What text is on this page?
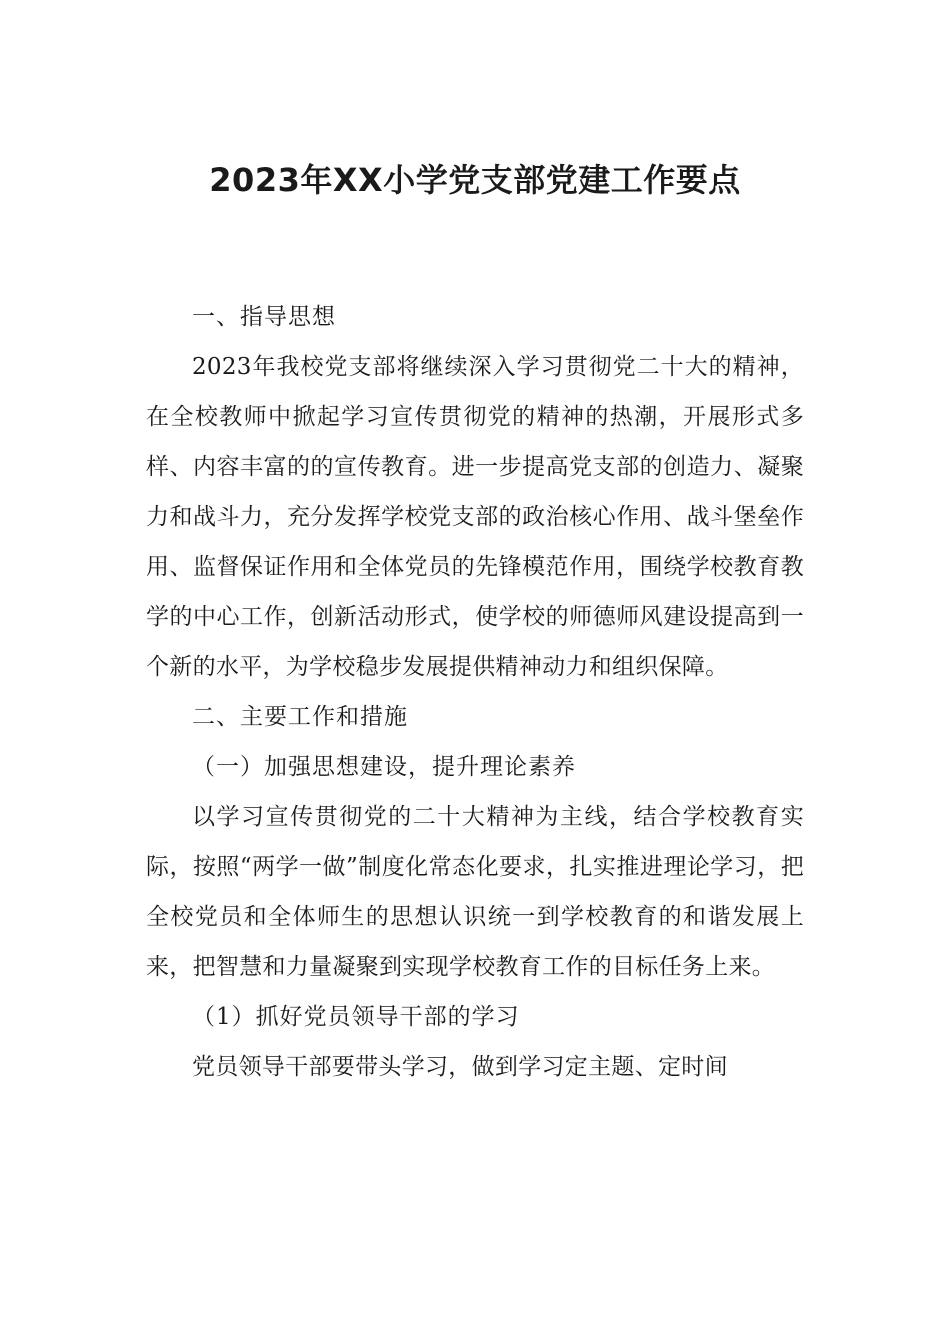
2023年XX小学党支部党建工作要点

一、指导思想

2023年我校党支部将继续深入学习贯彻党二十大的精神，在全校教师中掀起学习宣传贯彻党的精神的热潮，开展形式多样、内容丰富的的宣传教育。进一步提高党支部的创造力、凝聚力和战斗力，充分发挥学校党支部的政治核心作用、战斗堡垒作用、监督保证作用和全体党员的先锋模范作用，围绕学校教育教学的中心工作，创新活动形式，使学校的师德师风建设提高到一个新的水平，为学校稳步发展提供精神动力和组织保障。

二、主要工作和措施

（一）加强思想建设，提升理论素养

以学习宣传贯彻党的二十大精神为主线，结合学校教育实际，按照“两学一做”制度化常态化要求，扎实推进理论学习，把全校党员和全体师生的思想认识统一到学校教育的和谐发展上来，把智慧和力量凝聚到实现学校教育工作的目标任务上来。

（1）抓好党员领导干部的学习

党员领导干部要带头学习，做到学习定主题、定时间
